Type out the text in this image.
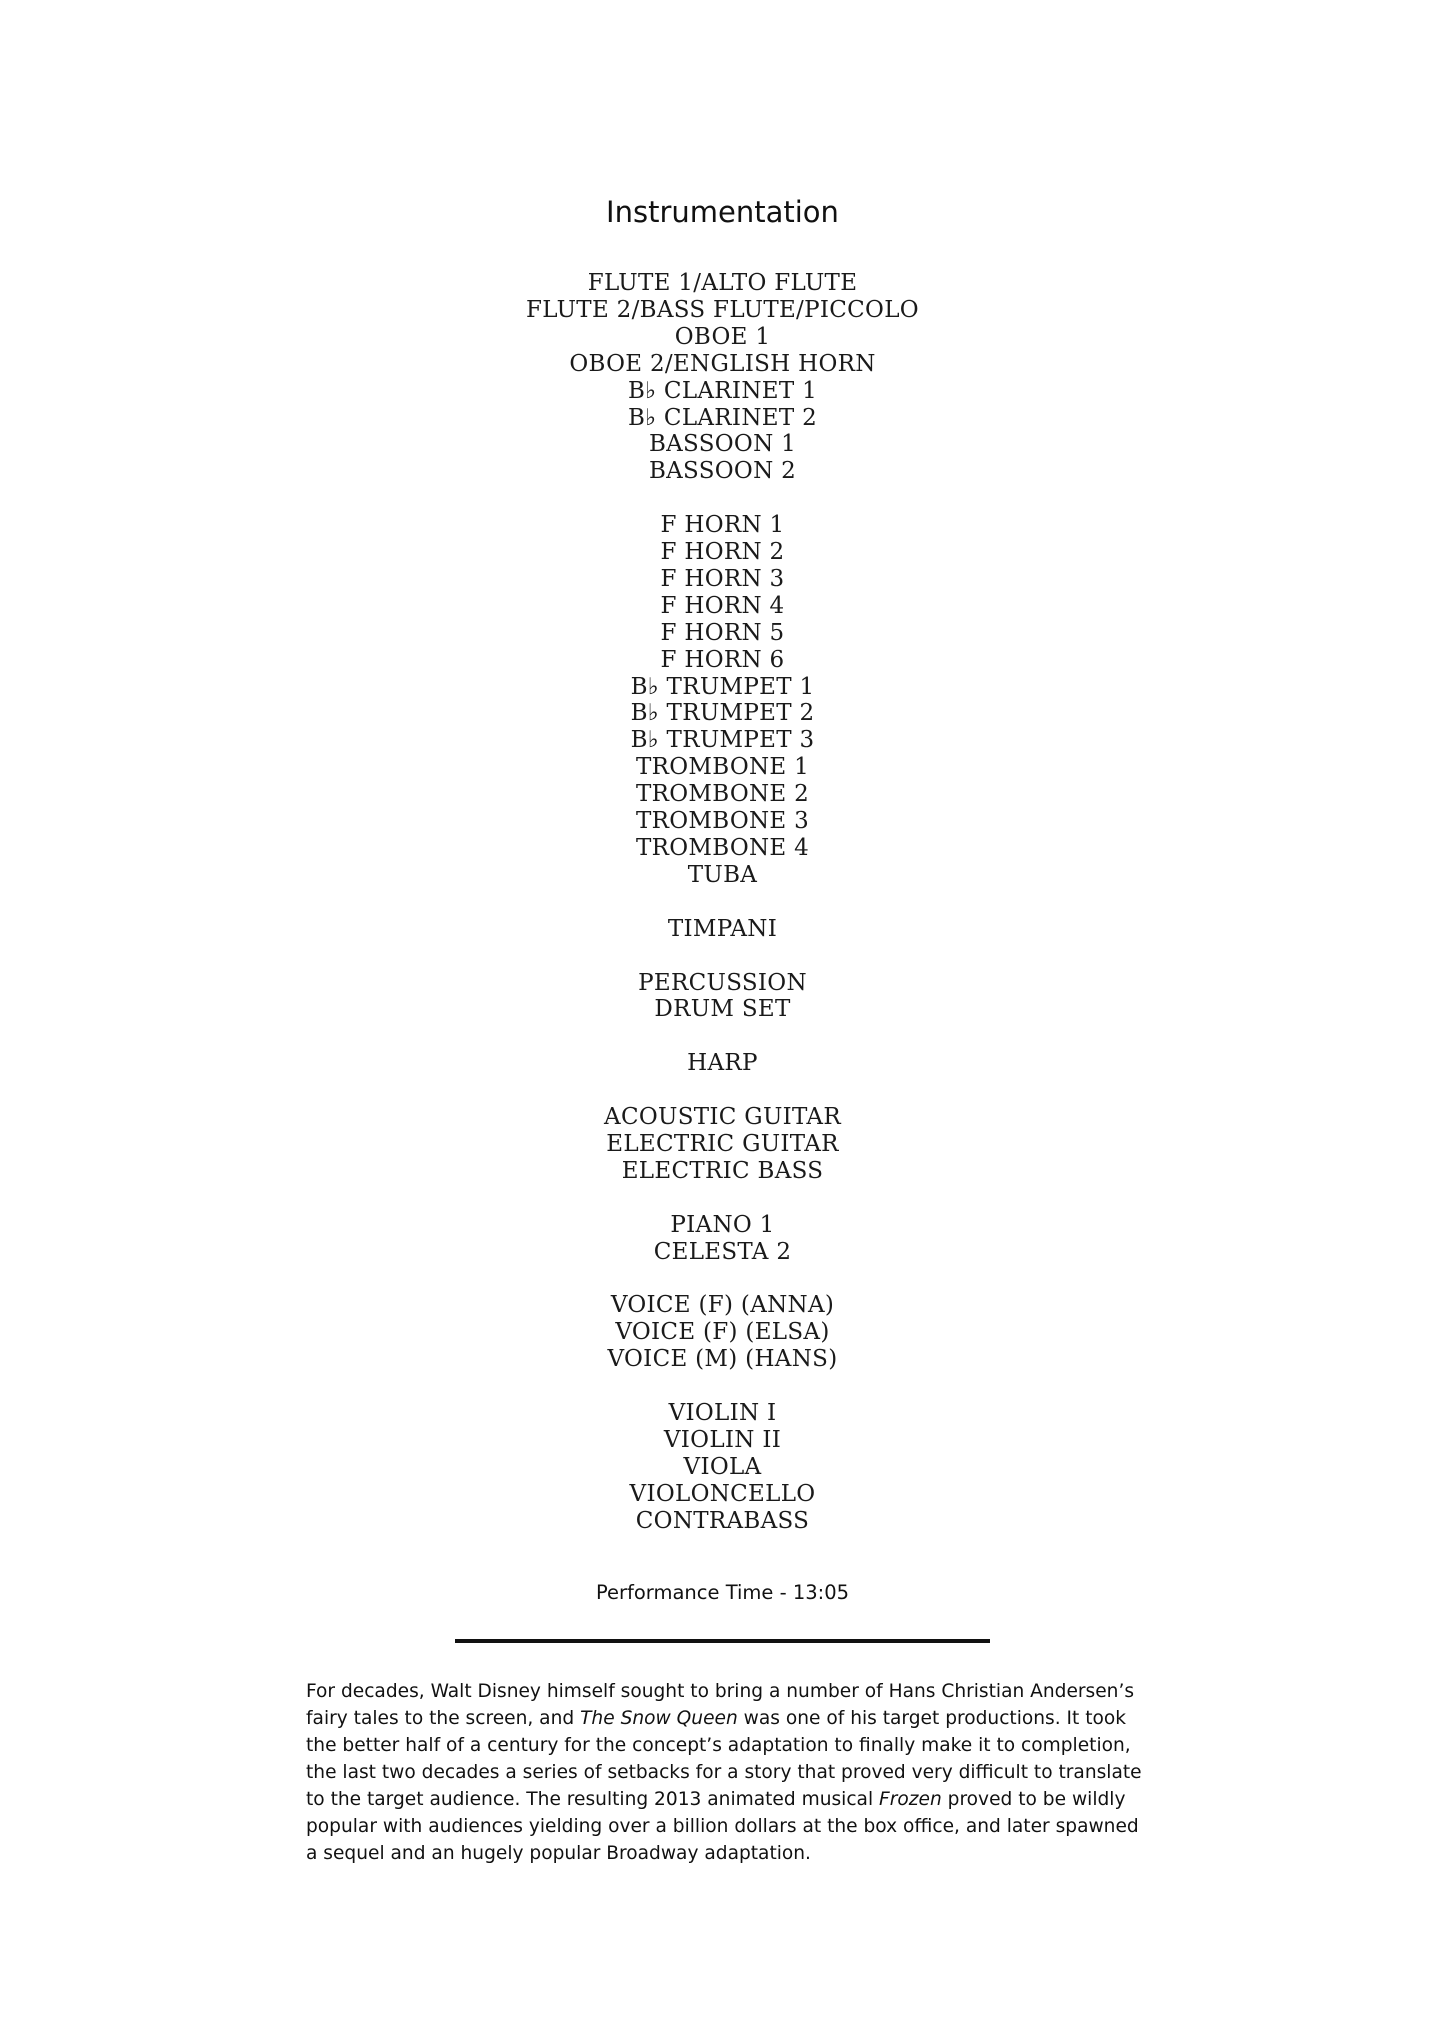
Instrumentation
FLUTE 1/ALTO FLUTE
FLUTE 2/BASS FLUTE/PICCOLO
OBOE 1
OBOE 2/ENGLISH HORN
B♭ CLARINET 1
B♭ CLARINET 2
BASSOON 1
BASSOON 2
F HORN 1
F HORN 2
F HORN 3
F HORN 4
F HORN 5
F HORN 6
B♭ TRUMPET 1
B♭ TRUMPET 2
B♭ TRUMPET 3
TROMBONE 1
TROMBONE 2
TROMBONE 3
TROMBONE 4
TUBA
TIMPANI
PERCUSSION
DRUM SET
HARP
ACOUSTIC GUITAR
ELECTRIC GUITAR
ELECTRIC BASS
PIANO 1
CELESTA 2
VOICE (F) (ANNA)
VOICE (F) (ELSA)
VOICE (M) (HANS)
VIOLIN I
VIOLIN II
VIOLA
VIOLONCELLO
CONTRABASS
Performance Time - 13:05
For decades, Walt Disney himself sought to bring a number of Hans Christian Andersen’s
fairy tales to the screen, and The Snow Queen was one of his target productions. It took
the better half of a century for the concept’s adaptation to finally make it to completion,
the last two decades a series of setbacks for a story that proved very difficult to translate
to the target audience. The resulting 2013 animated musical Frozen proved to be wildly
popular with audiences yielding over a billion dollars at the box office, and later spawned
a sequel and an hugely popular Broadway adaptation.
